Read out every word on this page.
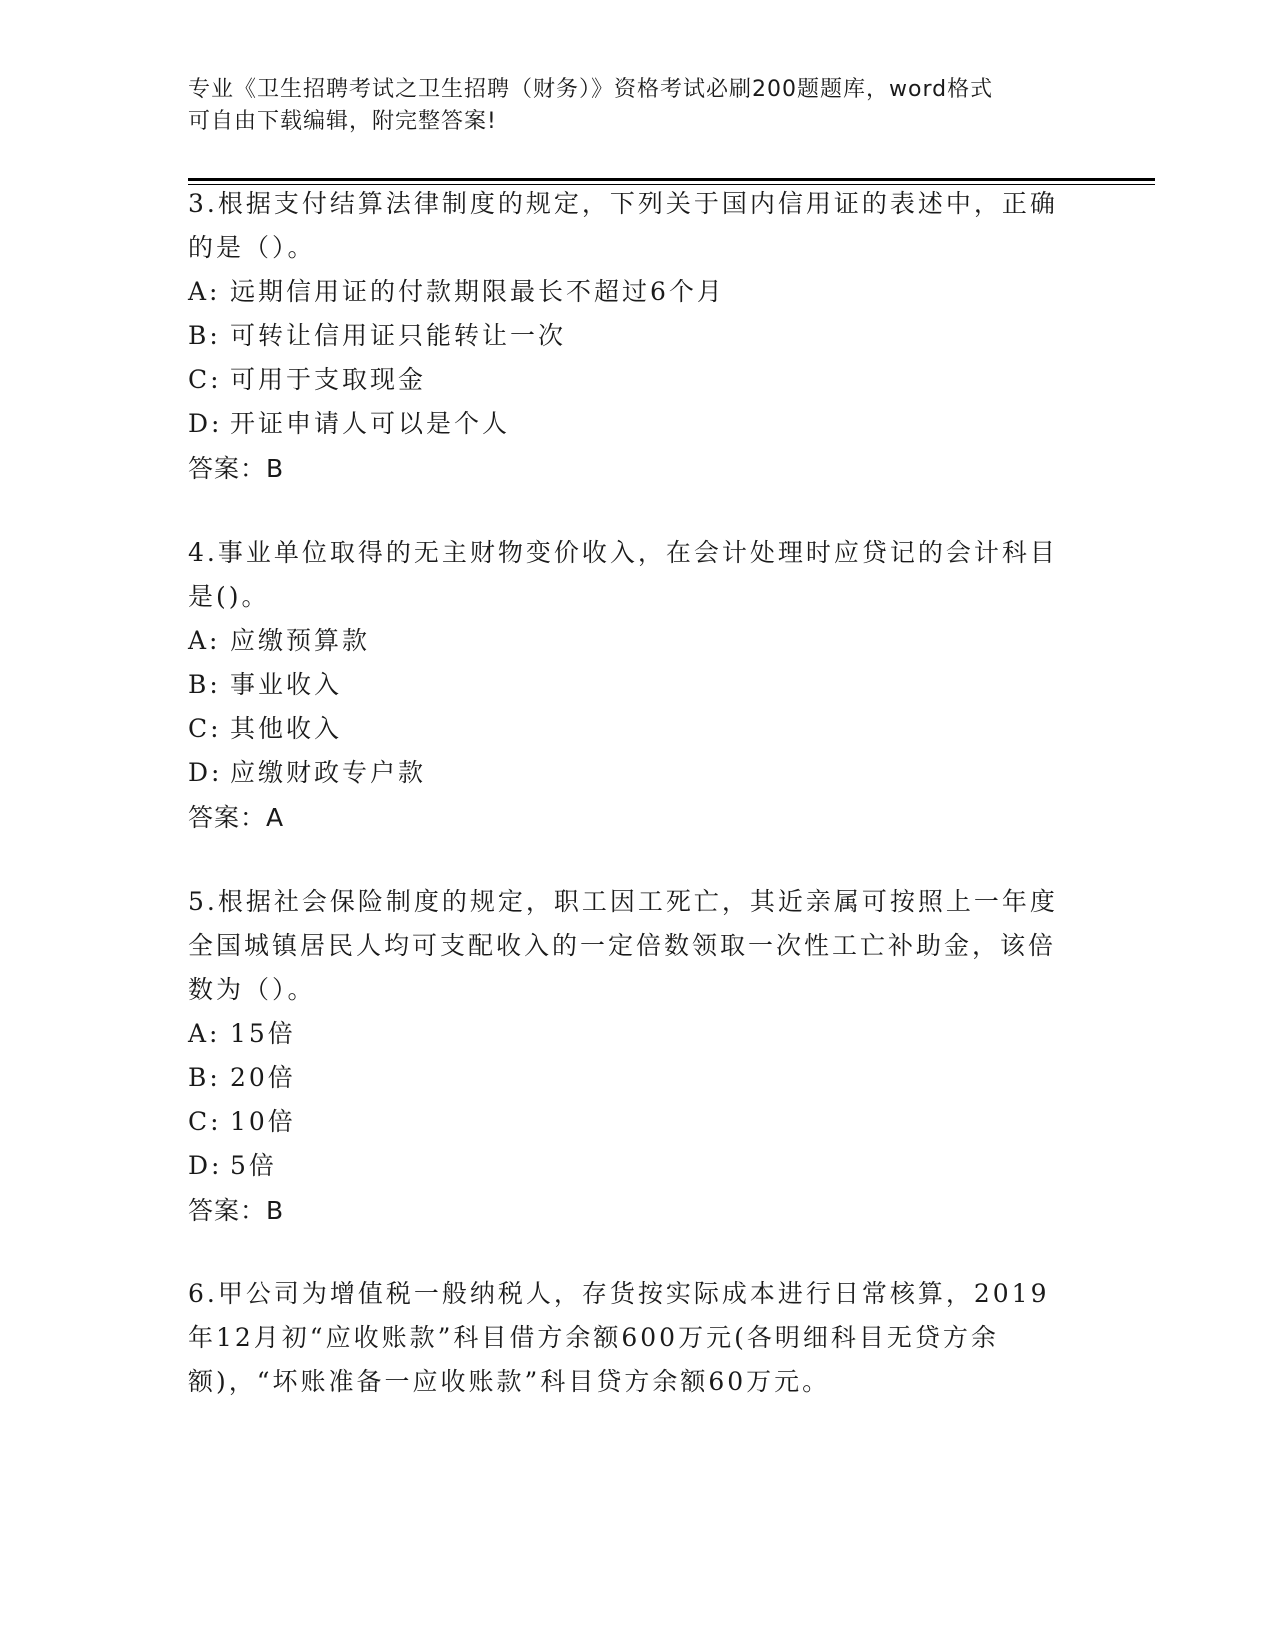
专业《卫生招聘考试之卫生招聘（财务）》资格考试必刷200题题库，word格式
可自由下载编辑，附完整答案!

3.根据支付结算法律制度的规定，下列关于国内信用证的表述中，正确的是（）。

A: 远期信用证的付款期限最长不超过6个月

B: 可转让信用证只能转让一次

C: 可用于支取现金

D: 开证申请人可以是个人

答案：B

4.事业单位取得的无主财物变价收入，在会计处理时应贷记的会计科目是()。

A: 应缴预算款

B: 事业收入

C: 其他收入

D: 应缴财政专户款

答案：A

5.根据社会保险制度的规定，职工因工死亡，其近亲属可按照上一年度全国城镇居民人均可支配收入的一定倍数领取一次性工亡补助金，该倍数为（）。

A: 15倍

B: 20倍

C: 10倍

D: 5倍

答案：B

6.甲公司为增值税一般纳税人，存货按实际成本进行日常核算，2019年12月初“应收账款”科目借方余额600万元(各明细科目无贷方余额)，“坏账准备一应收账款”科目贷方余额60万元。
